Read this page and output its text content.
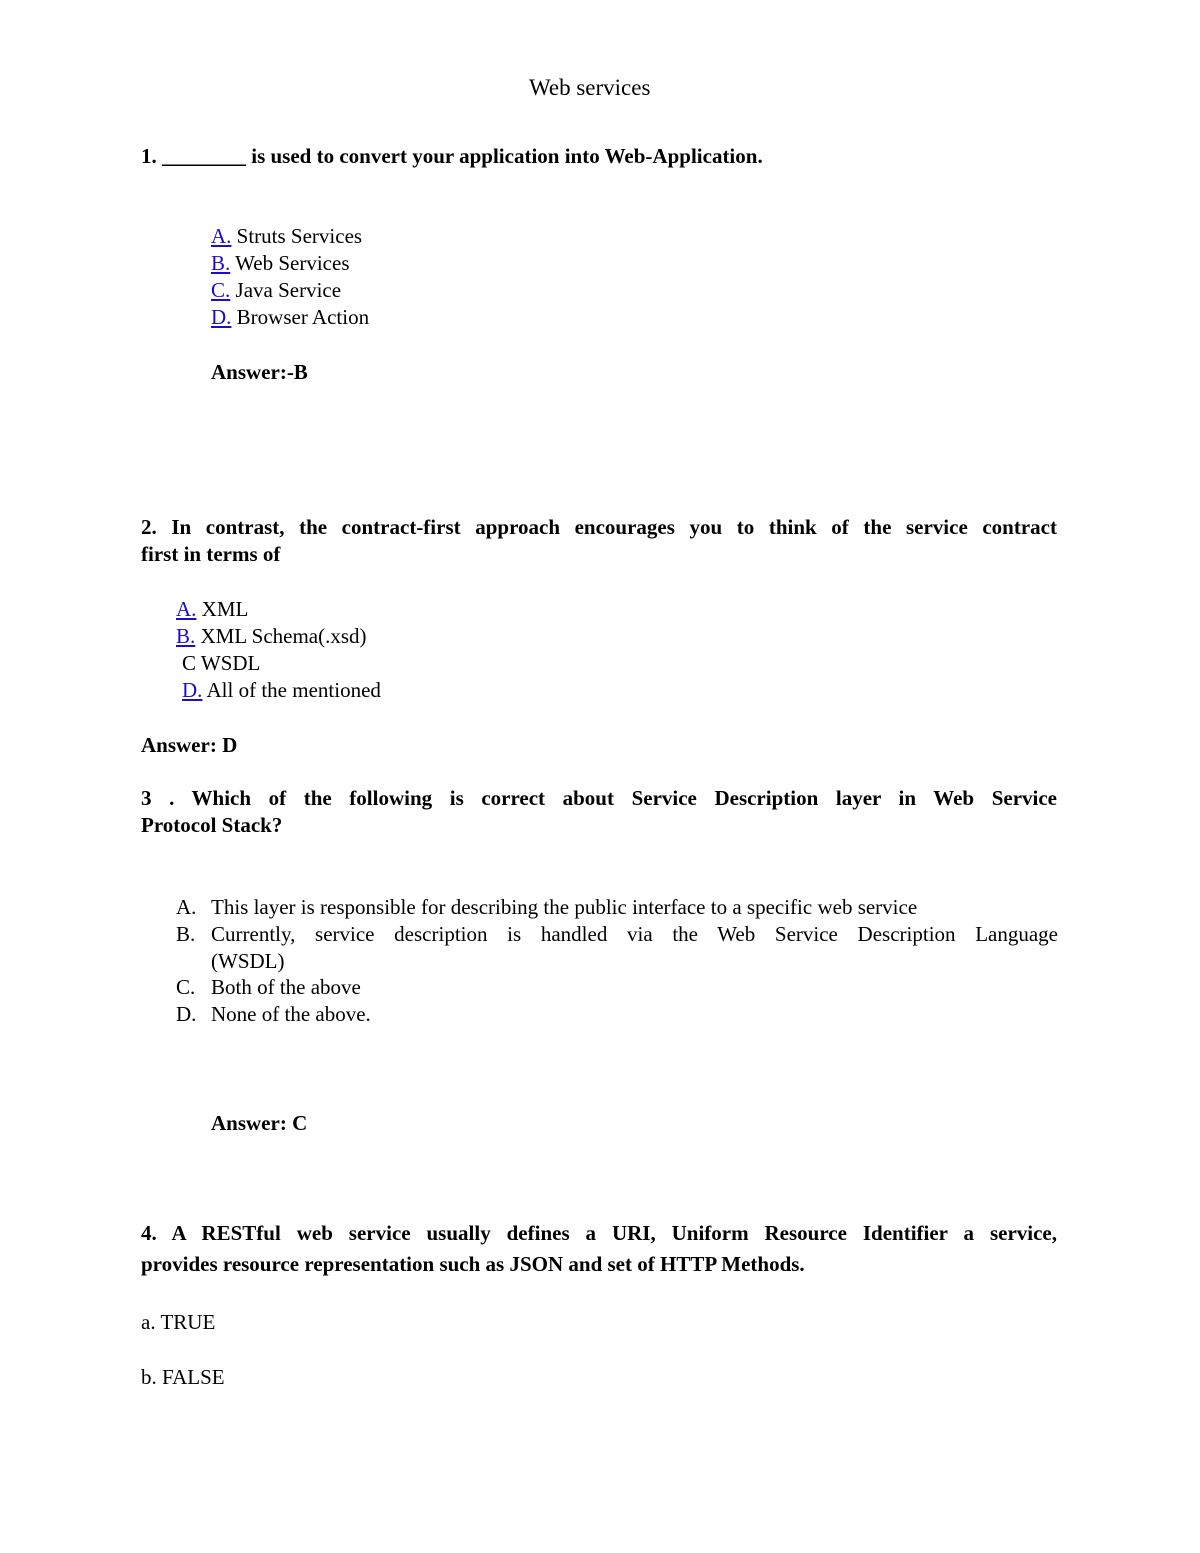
Web services
1. ________ is used to convert your application into Web-Application.
A. Struts Services
B. Web Services
C. Java Service
D. Browser Action
Answer:-B
2. In contrast, the contract-first approach encourages you to think of the service contract
first in terms of
A. XML
B. XML Schema(.xsd)
C WSDL
D. All of the mentioned
Answer: D
3 . Which of the following is correct about Service Description layer in Web Service
Protocol Stack?
A. This layer is responsible for describing the public interface to a specific web service
B. Currently, service description is handled via the Web Service Description Language
(WSDL)
C. Both of the above
D. None of the above.
Answer: C
4. A RESTful web service usually defines a URI, Uniform Resource Identifier a service,
provides resource representation such as JSON and set of HTTP Methods.
a. TRUE
b. FALSE
